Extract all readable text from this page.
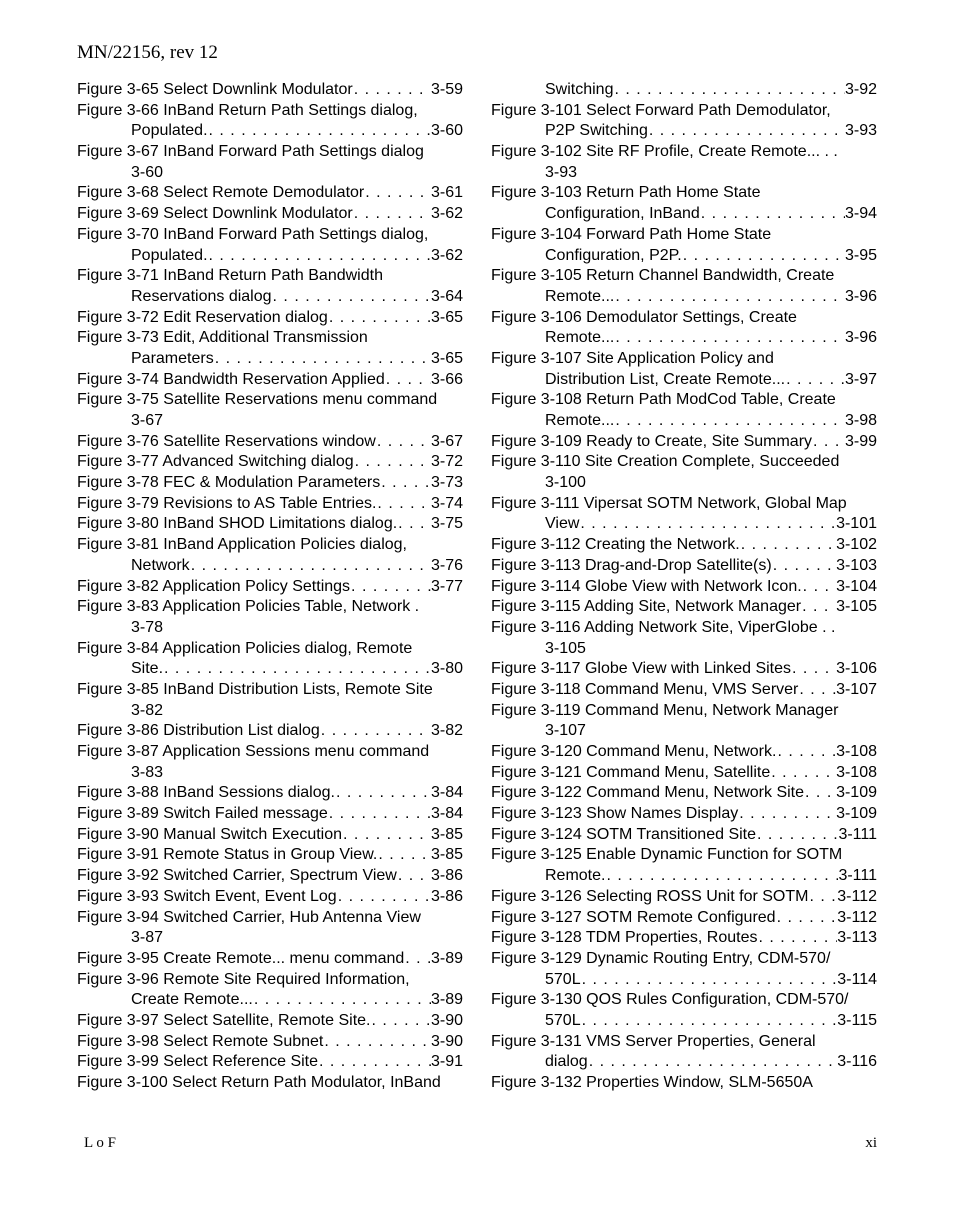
MN/22156, rev 12
Figure 3-65 Select Downlink Modulator . . .	3-59
Figure 3-66 InBand Return Path Settings dialog,
Populated. . . .	3-60
Figure 3-67 InBand Forward Path Settings dialog
3-60
Figure 3-68 Select Remote Demodulator . . .	3-61
Figure 3-69 Select Downlink Modulator . . .	3-62
Figure 3-70 InBand Forward Path Settings dialog,
Populated. . . .	3-62
Figure 3-71 InBand Return Path Bandwidth
Reservations dialog . . .	3-64
Figure 3-72 Edit Reservation dialog . . .	3-65
Figure 3-73 Edit, Additional Transmission
Parameters . . .	3-65
Figure 3-74 Bandwidth Reservation Applied . . .	3-66
Figure 3-75 Satellite Reservations menu command
3-67
Figure 3-76 Satellite Reservations window . . .	3-67
Figure 3-77 Advanced Switching dialog . . .	3-72
Figure 3-78 FEC & Modulation Parameters . . .	3-73
Figure 3-79 Revisions to AS Table Entries. . . .	3-74
Figure 3-80 InBand SHOD Limitations dialog. . . . 3-75
Figure 3-81 InBand Application Policies dialog,
Network . . .	3-76
Figure 3-82 Application Policy Settings . . .	3-77
Figure 3-83 Application Policies Table, Network .
3-78
Figure 3-84 Application Policies dialog, Remote
Site. . . .	3-80
Figure 3-85 InBand Distribution Lists, Remote Site
3-82
Figure 3-86 Distribution List dialog . . .	3-82
Figure 3-87 Application Sessions menu command
3-83
Figure 3-88 InBand Sessions dialog. . . .	3-84
Figure 3-89 Switch Failed message . . .	3-84
Figure 3-90 Manual Switch Execution . . .	3-85
Figure 3-91 Remote Status in Group View. . . .	3-85
Figure 3-92 Switched Carrier, Spectrum View . . . 3-86
Figure 3-93 Switch Event, Event Log . . .	3-86
Figure 3-94 Switched Carrier, Hub Antenna View
3-87
Figure 3-95 Create Remote... menu command . . . 3-89
Figure 3-96 Remote Site Required Information,
Create Remote... . . .	3-89
Figure 3-97 Select Satellite, Remote Site. . . .	3-90
Figure 3-98 Select Remote Subnet . . .	3-90
Figure 3-99 Select Reference Site . . .	3-91
Figure 3-100 Select Return Path Modulator, InBand
Switching . . .	3-92
Figure 3-101 Select Forward Path Demodulator,
P2P Switching . . .	3-93
Figure 3-102 Site RF Profile, Create Remote... . .
3-93
Figure 3-103 Return Path Home State
Configuration, InBand . . .	3-94
Figure 3-104 Forward Path Home State
Configuration, P2P. . . .	3-95
Figure 3-105 Return Channel Bandwidth, Create
Remote... . . .	3-96
Figure 3-106 Demodulator Settings, Create
Remote... . . .	3-96
Figure 3-107 Site Application Policy and
Distribution List, Create Remote... . . .	3-97
Figure 3-108 Return Path ModCod Table, Create
Remote... . . .	3-98
Figure 3-109 Ready to Create, Site Summary . . . 3-99
Figure 3-110 Site Creation Complete, Succeeded
3-100
Figure 3-111 Vipersat SOTM Network, Global Map
View . . .	3-101
Figure 3-112 Creating the Network. . . .	3-102
Figure 3-113 Drag-and-Drop Satellite(s) . . .	3-103
Figure 3-114 Globe View with Network Icon. . . . 3-104
Figure 3-115 Adding Site, Network Manager . . . 3-105
Figure 3-116 Adding Network Site, ViperGlobe . .
3-105
Figure 3-117 Globe View with Linked Sites . . .	3-106
Figure 3-118 Command Menu, VMS Server . . . 3-107
Figure 3-119 Command Menu, Network Manager
3-107
Figure 3-120 Command Menu, Network. . . .	3-108
Figure 3-121 Command Menu, Satellite . . .	3-108
Figure 3-122 Command Menu, Network Site . . . 3-109
Figure 3-123 Show Names Display . . .	3-109
Figure 3-124 SOTM Transitioned Site . . .	3-111
Figure 3-125 Enable Dynamic Function for SOTM
Remote. . . .	3-111
Figure 3-126 Selecting ROSS Unit for SOTM . . . 3-112
Figure 3-127 SOTM Remote Configured . . .	3-112
Figure 3-128 TDM Properties, Routes . . .	3-113
Figure 3-129 Dynamic Routing Entry, CDM-570/
570L . . .	3-114
Figure 3-130 QOS Rules Configuration, CDM-570/
570L . . .	3-115
Figure 3-131 VMS Server Properties, General
dialog . . .	3-116
Figure 3-132 Properties Window, SLM-5650A
L o F	xi
